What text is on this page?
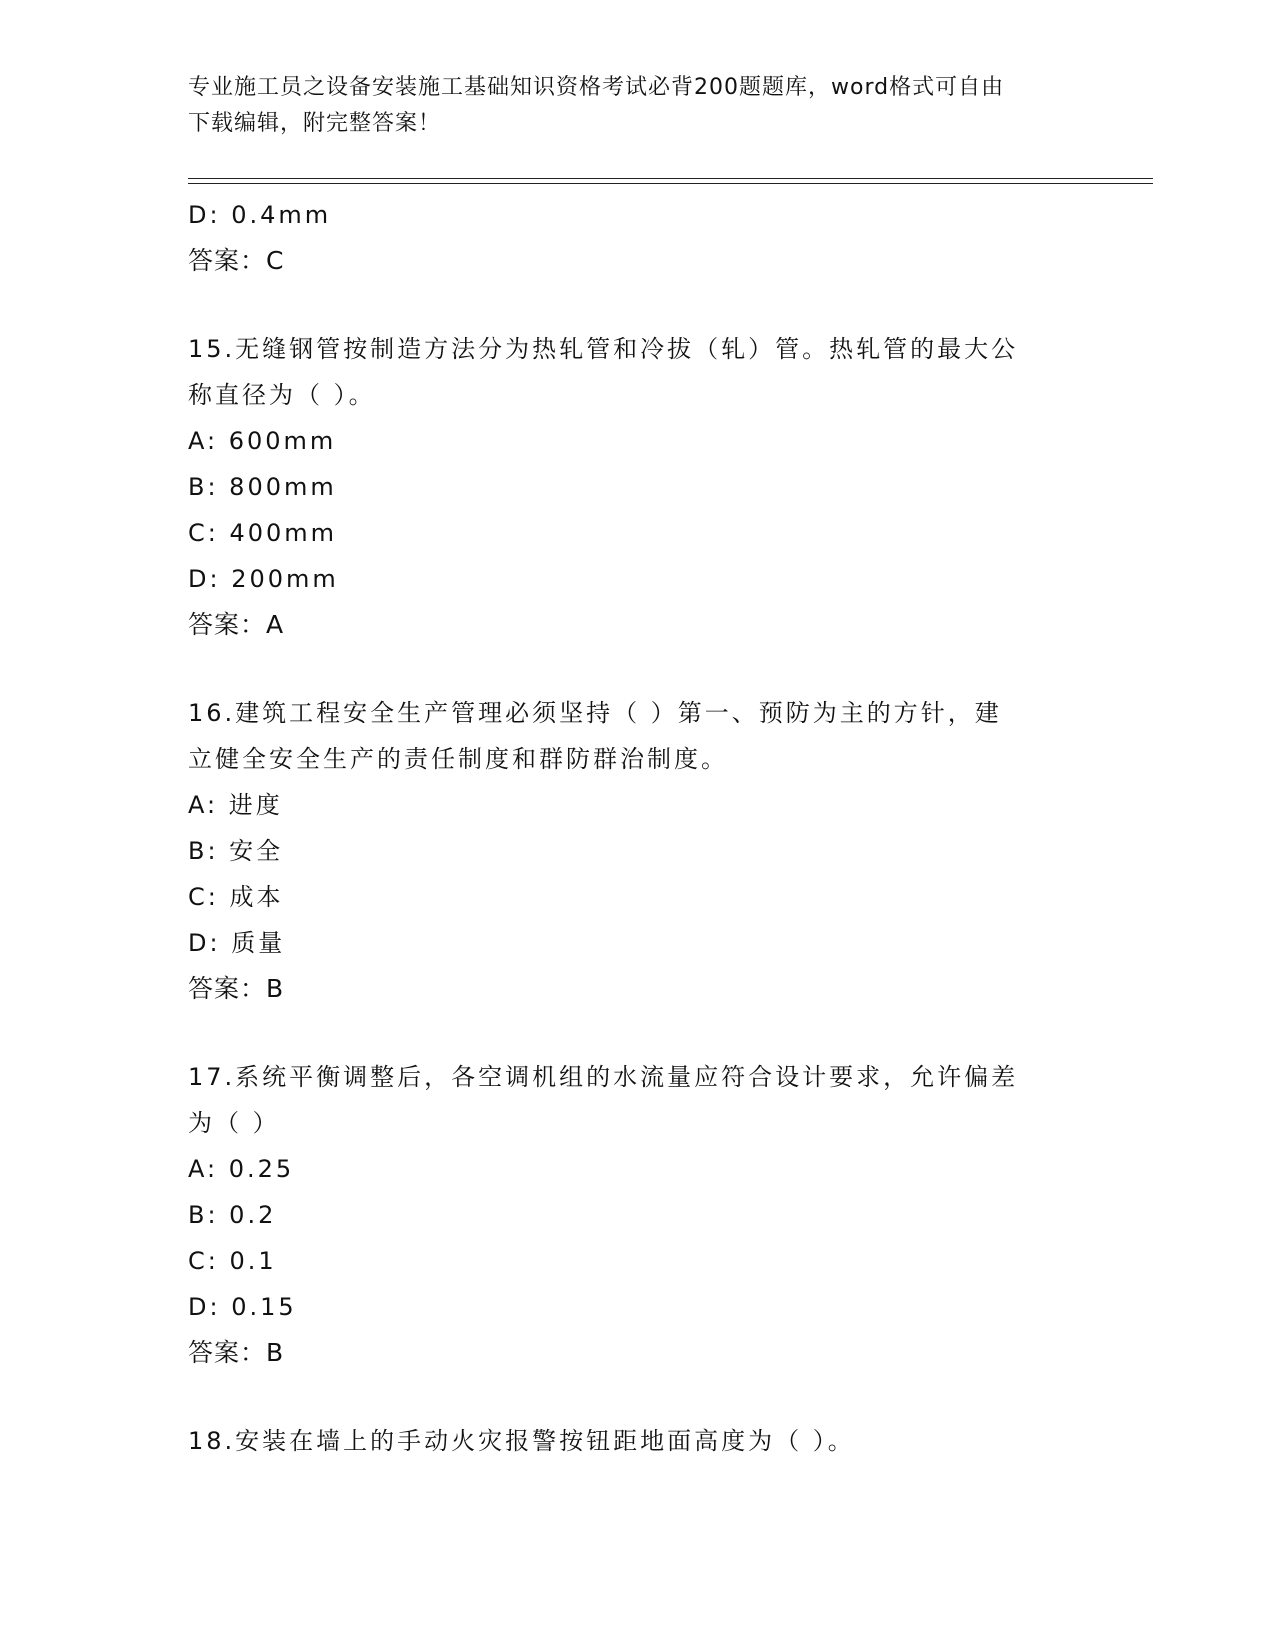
专业施工员之设备安装施工基础知识资格考试必背200题题库，word格式可自由
下载编辑，附完整答案！
D: 0.4mm
答案：C
15.无缝钢管按制造方法分为热轧管和冷拔（轧）管。热轧管的最大公
称直径为（ ）。
A: 600mm
B: 800mm
C: 400mm
D: 200mm
答案：A
16.建筑工程安全生产管理必须坚持（ ）第一、预防为主的方针，建
立健全安全生产的责任制度和群防群治制度。
A: 进度
B: 安全
C: 成本
D: 质量
答案：B
17.系统平衡调整后，各空调机组的水流量应符合设计要求，允许偏差
为（ ）
A: 0.25
B: 0.2
C: 0.1
D: 0.15
答案：B
18.安装在墙上的手动火灾报警按钮距地面高度为（ ）。
